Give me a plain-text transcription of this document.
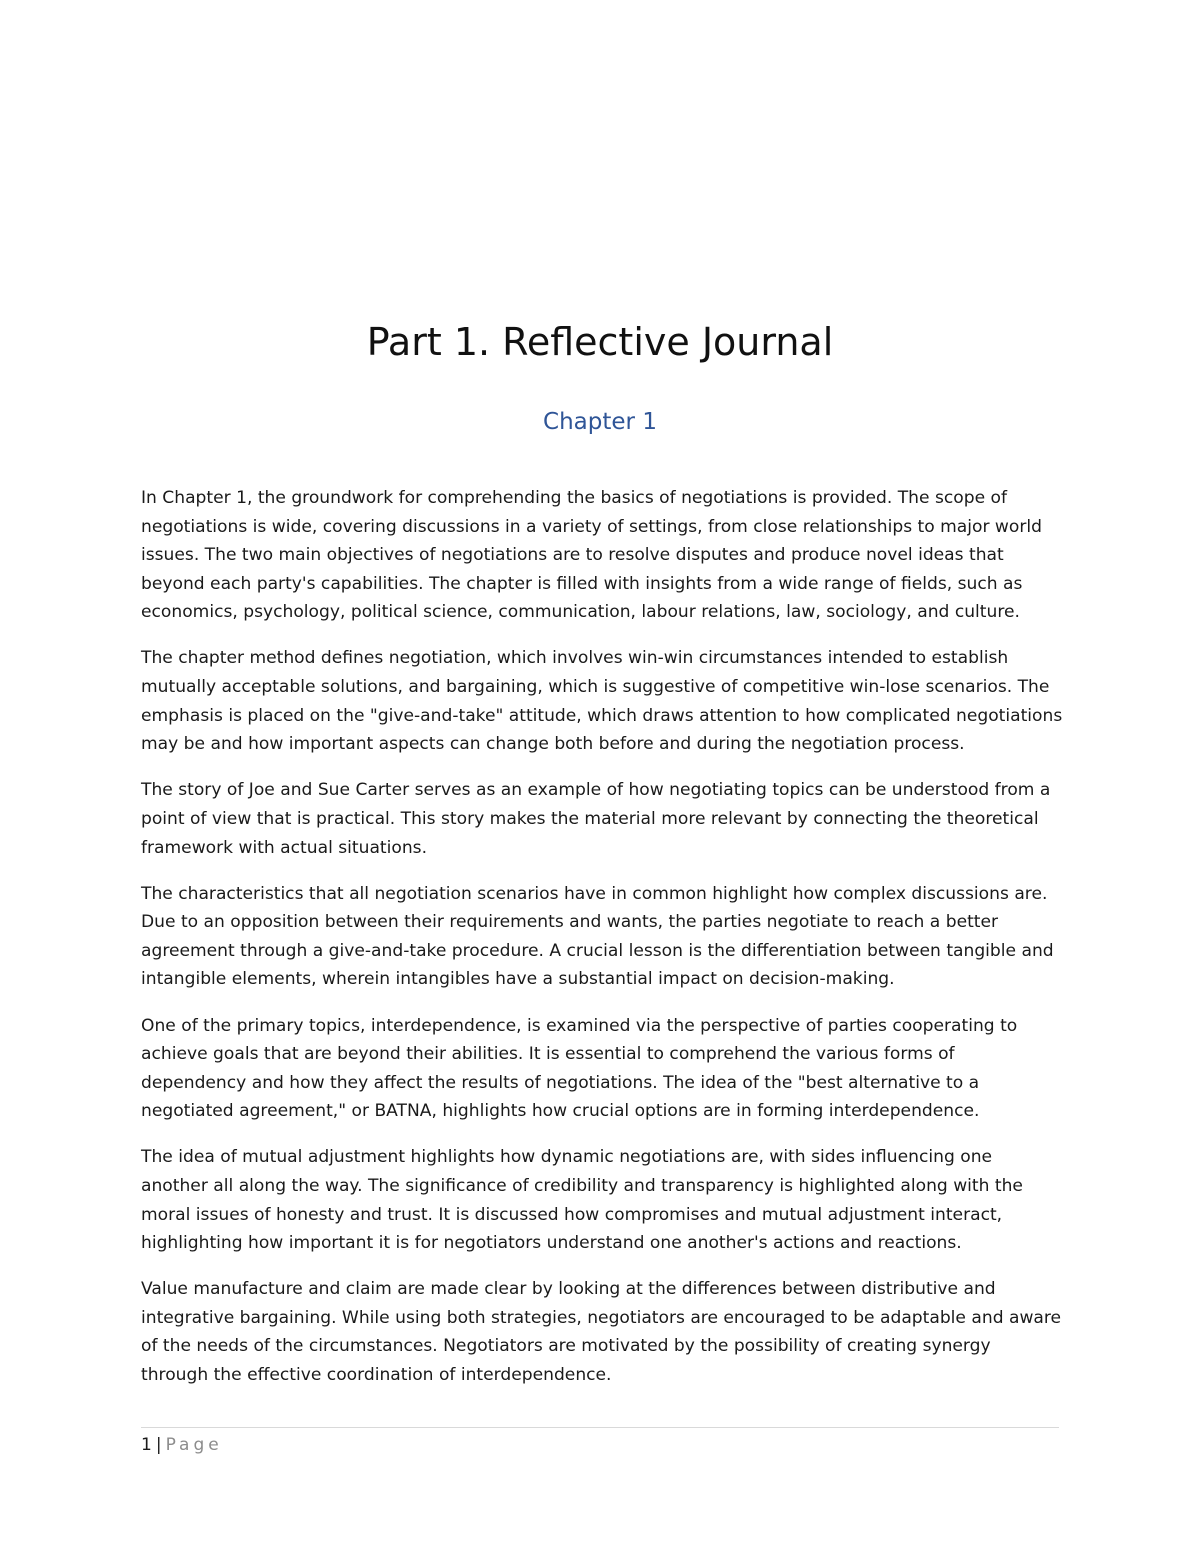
Part 1. Reflective Journal
Chapter 1

In Chapter 1, the groundwork for comprehending the basics of negotiations is provided. The scope of negotiations is wide, covering discussions in a variety of settings, from close relationships to major world issues. The two main objectives of negotiations are to resolve disputes and produce novel ideas that beyond each party's capabilities. The chapter is filled with insights from a wide range of fields, such as economics, psychology, political science, communication, labour relations, law, sociology, and culture.

The chapter method defines negotiation, which involves win-win circumstances intended to establish mutually acceptable solutions, and bargaining, which is suggestive of competitive win-lose scenarios. The emphasis is placed on the "give-and-take" attitude, which draws attention to how complicated negotiations may be and how important aspects can change both before and during the negotiation process.

The story of Joe and Sue Carter serves as an example of how negotiating topics can be understood from a point of view that is practical. This story makes the material more relevant by connecting the theoretical framework with actual situations.

The characteristics that all negotiation scenarios have in common highlight how complex discussions are. Due to an opposition between their requirements and wants, the parties negotiate to reach a better agreement through a give-and-take procedure. A crucial lesson is the differentiation between tangible and intangible elements, wherein intangibles have a substantial impact on decision-making.

One of the primary topics, interdependence, is examined via the perspective of parties cooperating to achieve goals that are beyond their abilities. It is essential to comprehend the various forms of dependency and how they affect the results of negotiations. The idea of the "best alternative to a negotiated agreement," or BATNA, highlights how crucial options are in forming interdependence.

The idea of mutual adjustment highlights how dynamic negotiations are, with sides influencing one another all along the way. The significance of credibility and transparency is highlighted along with the moral issues of honesty and trust. It is discussed how compromises and mutual adjustment interact, highlighting how important it is for negotiators understand one another's actions and reactions.

Value manufacture and claim are made clear by looking at the differences between distributive and integrative bargaining. While using both strategies, negotiators are encouraged to be adaptable and aware of the needs of the circumstances. Negotiators are motivated by the possibility of creating synergy through the effective coordination of interdependence.

1 | Page
